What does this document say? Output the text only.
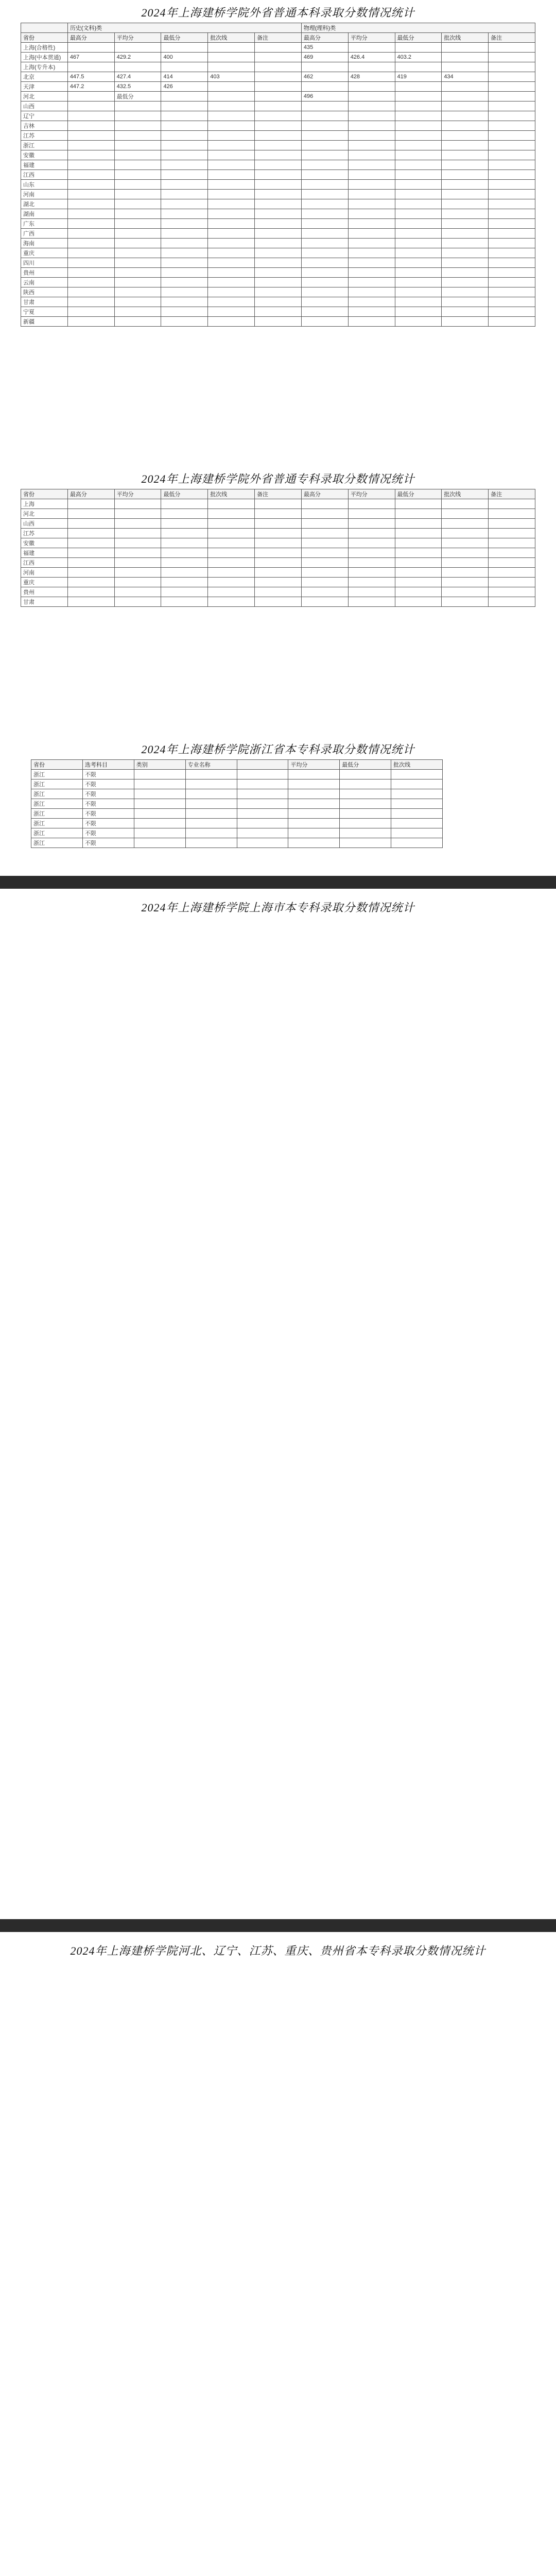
2024年上海建桥学院外省普通本科录取分数情况统计
	历史(文科)类					物理(理科)类				
省份	最高分	平均分	最低分	批次线	备注	最高分	平均分	最低分	批次线	备注
上海(合格性)						435				
上海(中本贯通)	467	429.2	400			469	426.4	403.2		
上海(专升本)										
北京	447.5	427.4	414	403		462	428	419	434	
天津	447.2	432.5	426							
河北		最低分				496				
山西										
辽宁										
吉林										
江苏										
浙江										
安徽										
福建										
江西										
山东										
河南										
湖北										
湖南										
广东										
广西										
海南										
重庆										
四川										
贵州										
云南										
陕西										
甘肃										
宁夏										
新疆										
2024年上海建桥学院外省普通专科录取分数情况统计
省份	最高分	平均分	最低分	批次线	备注	最高分	平均分	最低分	批次线	备注
上海										
河北										
山西										
江苏										
安徽										
福建										
江西										
河南										
重庆										
贵州										
甘肃										
2024年上海建桥学院浙江省本专科录取分数情况统计
省份	选考科目	类别	专业名称		平均分	最低分	批次线
浙江	不限						
浙江	不限						
浙江	不限						
浙江	不限						
浙江	不限						
浙江	不限						
浙江	不限						
浙江	不限						
2024年上海建桥学院上海市本专科录取分数情况统计
2024年上海建桥学院河北、辽宁、江苏、重庆、贵州省本专科录取分数情况统计
